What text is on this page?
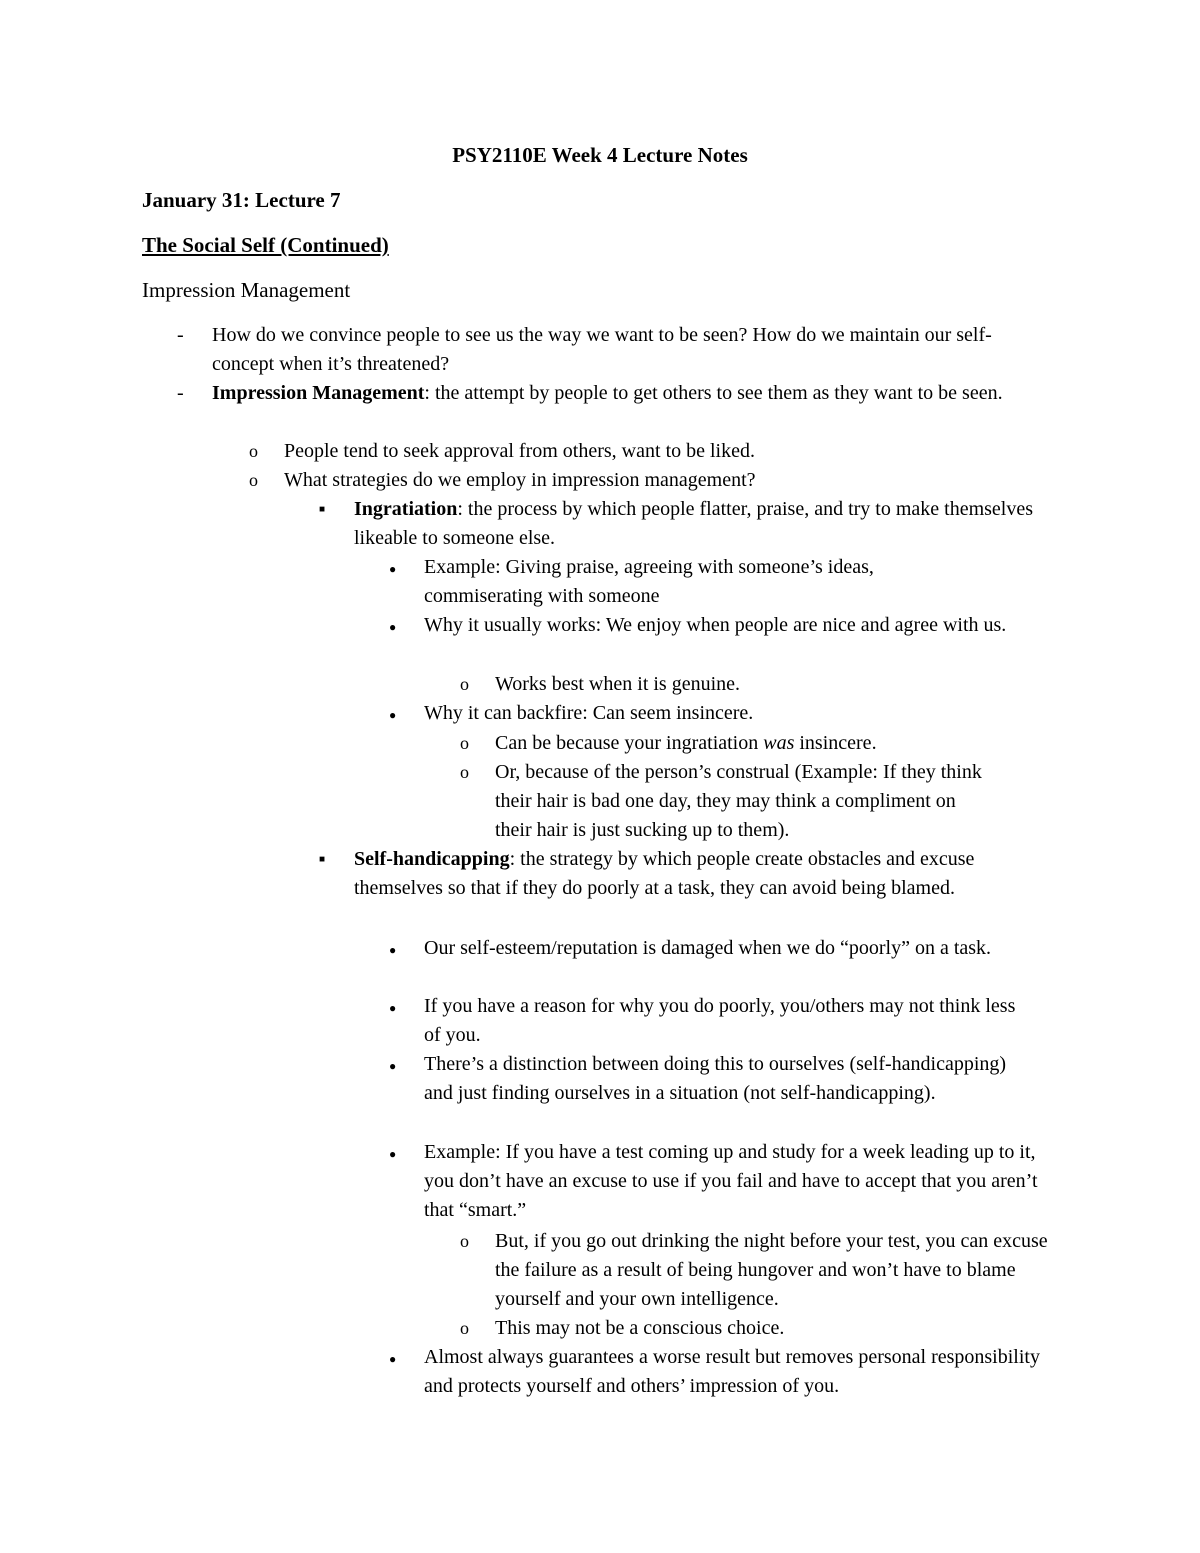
PSY2110E Week 4 Lecture Notes
January 31: Lecture 7
The Social Self (Continued)
Impression Management
- How do we convince people to see us the way we want to be seen? How do we maintain our self-concept when it’s threatened?
- Impression Management: the attempt by people to get others to see them as they want to be seen.
o People tend to seek approval from others, want to be liked.
o What strategies do we employ in impression management?
■ Ingratiation: the process by which people flatter, praise, and try to make themselves likeable to someone else.
● Example: Giving praise, agreeing with someone’s ideas, commiserating with someone
● Why it usually works: We enjoy when people are nice and agree with us.
o Works best when it is genuine.
● Why it can backfire: Can seem insincere.
o Can be because your ingratiation was insincere.
o Or, because of the person’s construal (Example: If they think their hair is bad one day, they may think a compliment on their hair is just sucking up to them).
■ Self-handicapping: the strategy by which people create obstacles and excuse themselves so that if they do poorly at a task, they can avoid being blamed.
● Our self-esteem/reputation is damaged when we do “poorly” on a task.
● If you have a reason for why you do poorly, you/others may not think less of you.
● There’s a distinction between doing this to ourselves (self-handicapping) and just finding ourselves in a situation (not self-handicapping).
● Example: If you have a test coming up and study for a week leading up to it, you don’t have an excuse to use if you fail and have to accept that you aren’t that “smart.”
o But, if you go out drinking the night before your test, you can excuse the failure as a result of being hungover and won’t have to blame yourself and your own intelligence.
o This may not be a conscious choice.
● Almost always guarantees a worse result but removes personal responsibility and protects yourself and others’ impression of you.
